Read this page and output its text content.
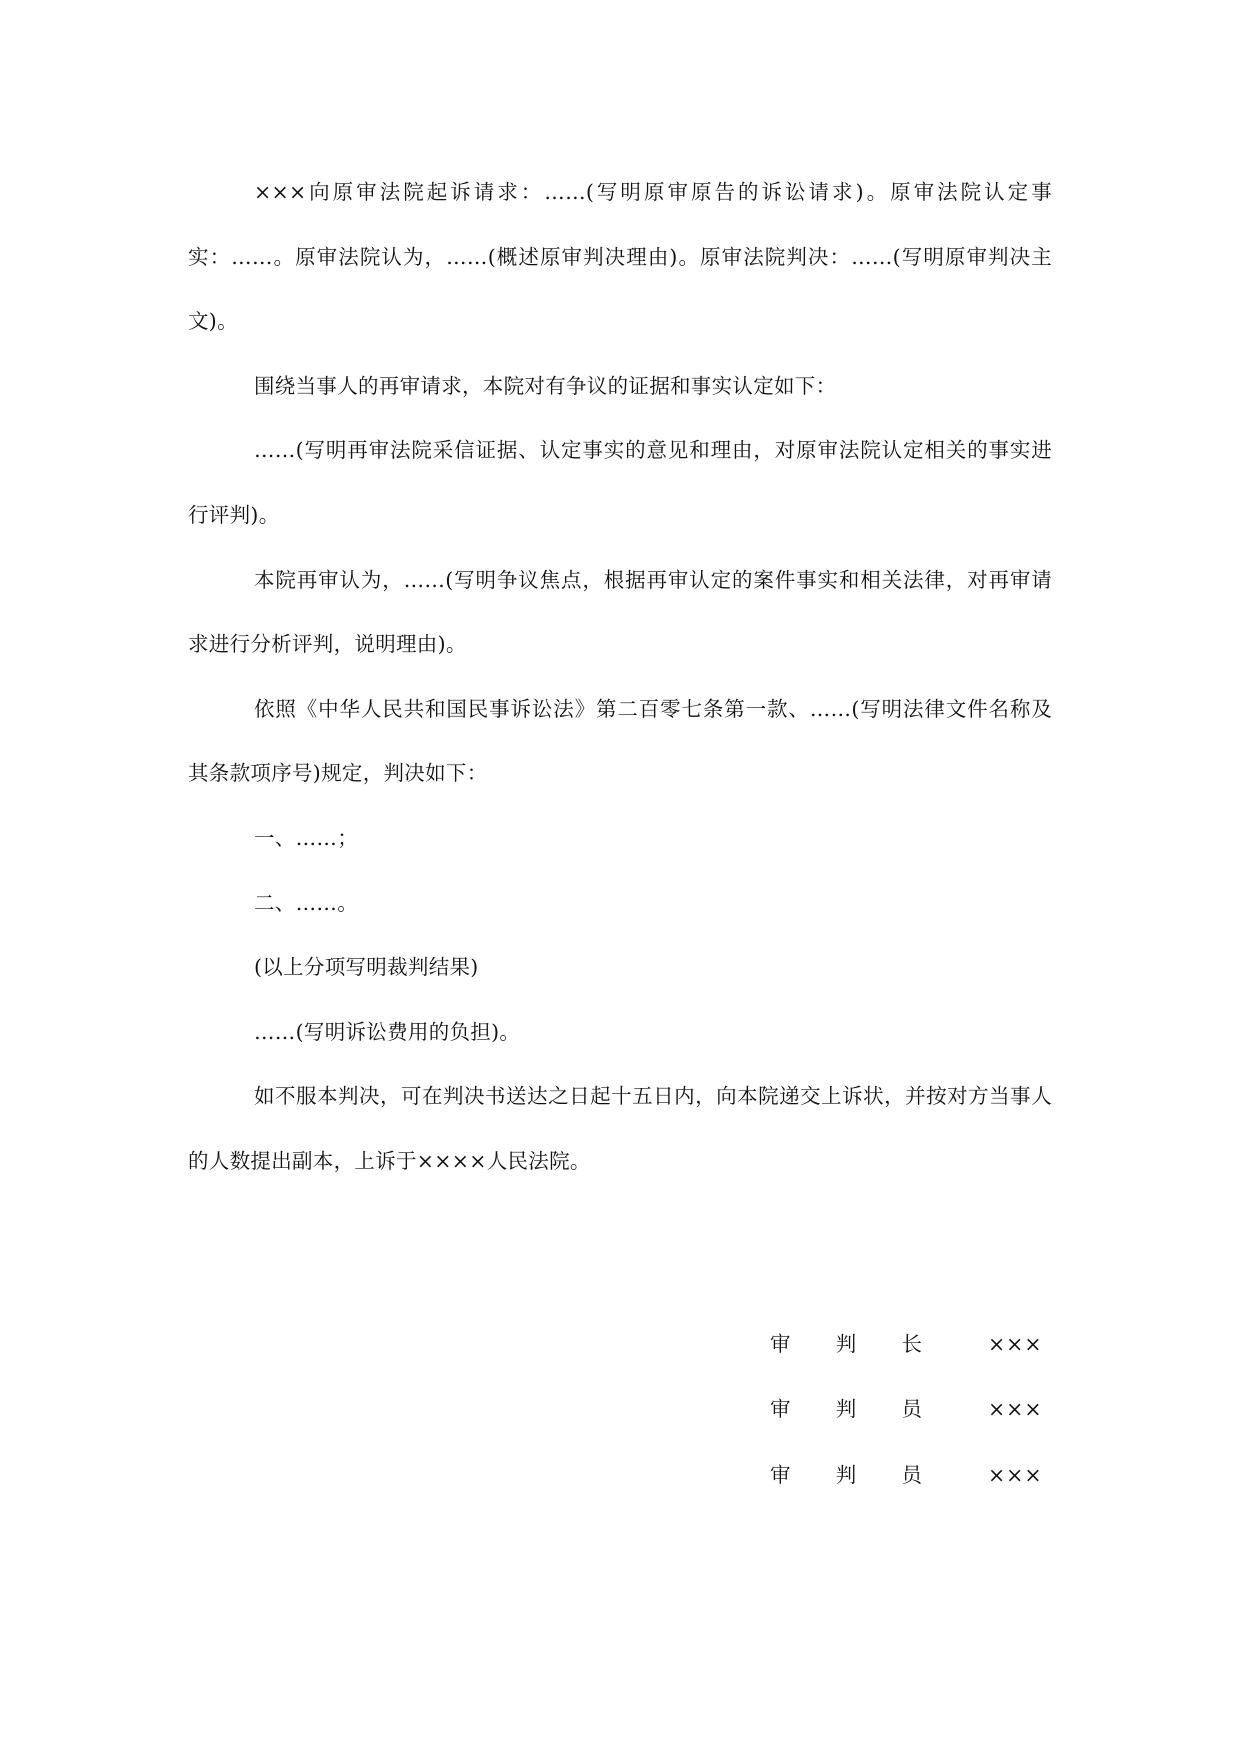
×××向原审法院起诉请求：……(写明原审原告的诉讼请求)。原审法院认定事实：……。原审法院认为，……(概述原审判决理由)。原审法院判决：……(写明原审判决主文)。

围绕当事人的再审请求，本院对有争议的证据和事实认定如下：

……(写明再审法院采信证据、认定事实的意见和理由，对原审法院认定相关的事实进行评判)。

本院再审认为，……(写明争议焦点，根据再审认定的案件事实和相关法律，对再审请求进行分析评判，说明理由)。

依照《中华人民共和国民事诉讼法》第二百零七条第一款、……(写明法律文件名称及其条款项序号)规定，判决如下：

一、……；

二、……。

(以上分项写明裁判结果)

……(写明诉讼费用的负担)。

如不服本判决，可在判决书送达之日起十五日内，向本院递交上诉状，并按对方当事人的人数提出副本，上诉于××××人民法院。

审 判 长	×××
审 判 员	×××
审 判 员	×××
